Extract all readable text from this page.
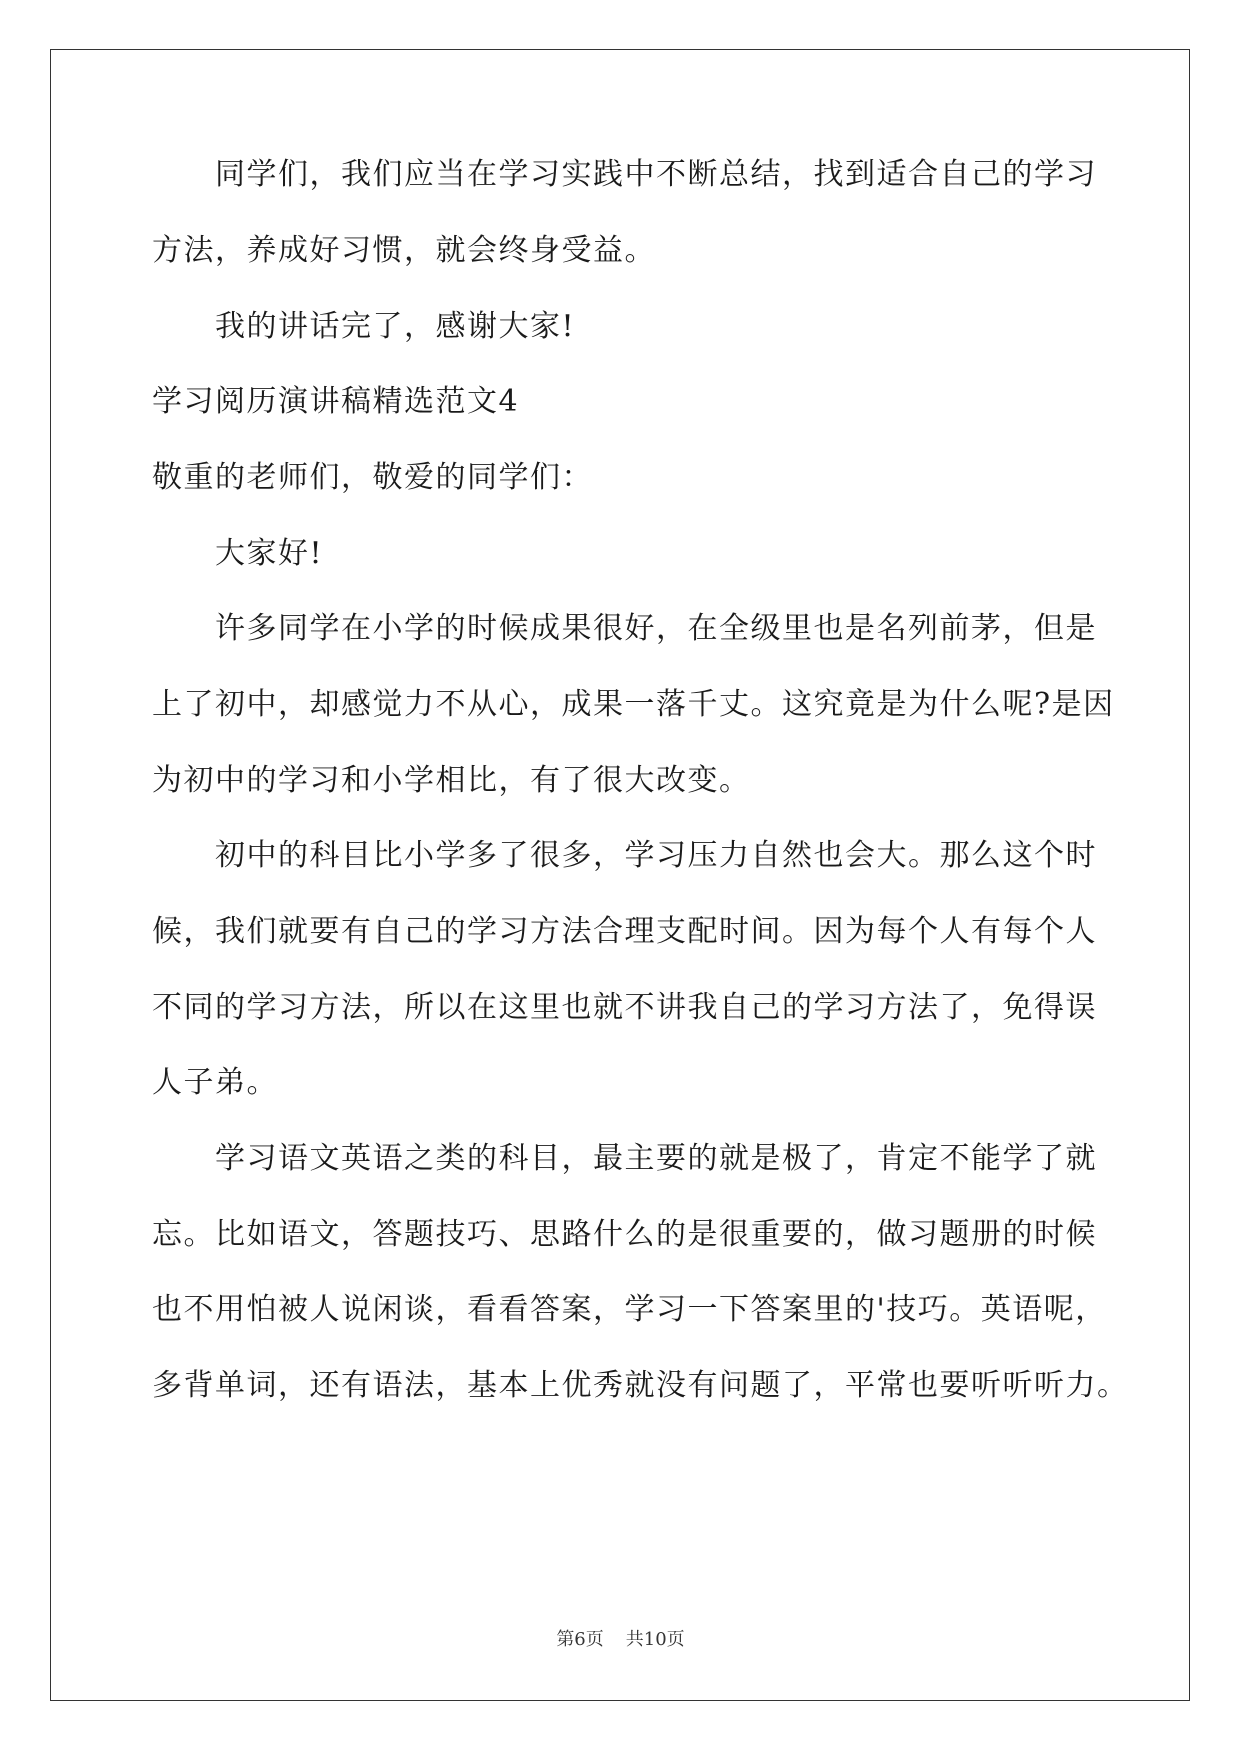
同学们，我们应当在学习实践中不断总结，找到适合自己的学习
方法，养成好习惯，就会终身受益。
我的讲话完了，感谢大家!
学习阅历演讲稿精选范文4
敬重的老师们，敬爱的同学们：
大家好!
许多同学在小学的时候成果很好，在全级里也是名列前茅，但是
上了初中，却感觉力不从心，成果一落千丈。这究竟是为什么呢?是因
为初中的学习和小学相比，有了很大改变。
初中的科目比小学多了很多，学习压力自然也会大。那么这个时
候，我们就要有自己的学习方法合理支配时间。因为每个人有每个人
不同的学习方法，所以在这里也就不讲我自己的学习方法了，免得误
人子弟。
学习语文英语之类的科目，最主要的就是极了，肯定不能学了就
忘。比如语文，答题技巧、思路什么的是很重要的，做习题册的时候
也不用怕被人说闲谈，看看答案，学习一下答案里的'技巧。英语呢，
多背单词，还有语法，基本上优秀就没有问题了，平常也要听听听力。
第6页 共10页
